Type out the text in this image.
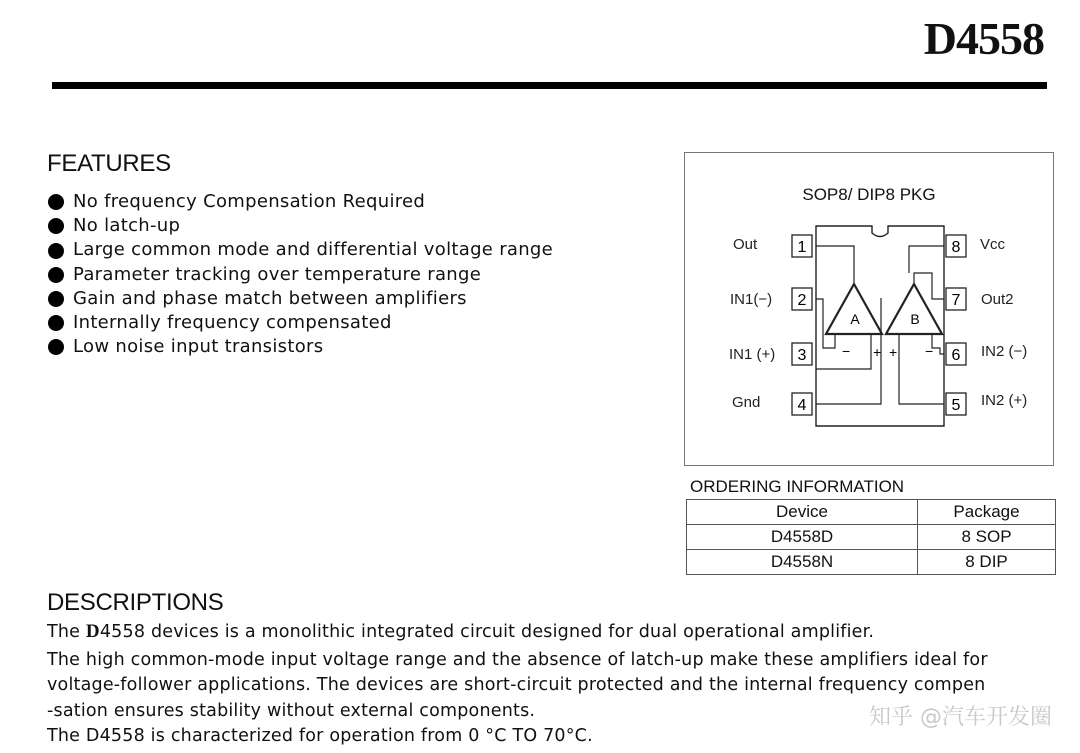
D4558
FEATURES
No frequency Compensation Required
No latch-up
Large common mode and differential voltage range
Parameter tracking over temperature range
Gain and phase match between amplifiers
Internally frequency compensated
Low noise input transistors
SOP8/ DIP8 PKG
1
2
3
4
8
7
6
5
Out
IN1(−)
IN1 (+)
Gnd
Vcc
Out2
IN2 (−)
IN2 (+)
A	B
− + + −
ORDERING INFORMATION
Device	Package
D4558D	8 SOP
D4558N	8 DIP
DESCRIPTIONS

The D4558 devices is a monolithic integrated circuit designed for dual operational amplifier.

The high common-mode input voltage range and the absence of latch-up make these amplifiers ideal for

voltage-follower applications. The devices are short-circuit protected and the internal frequency compen

-sation ensures stability without external components.

The D4558 is characterized for operation from 0 °C TO 70°C.

知乎 @汽车开发圈
